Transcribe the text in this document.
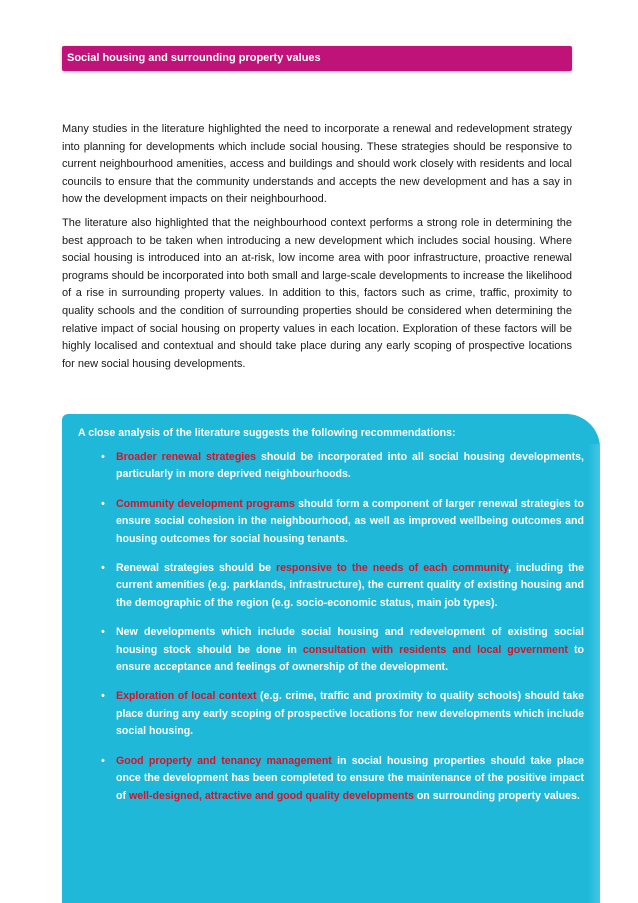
Social housing and surrounding property values

Many studies in the literature highlighted the need to incorporate a renewal and redevelopment strategy into planning for developments which include social housing. These strategies should be responsive to current neighbourhood amenities, access and buildings and should work closely with residents and local councils to ensure that the community understands and accepts the new development and has a say in how the development impacts on their neighbourhood.

The literature also highlighted that the neighbourhood context performs a strong role in determining the best approach to be taken when introducing a new development which includes social housing. Where social housing is introduced into an at-risk, low income area with poor infrastructure, proactive renewal programs should be incorporated into both small and large-scale developments to increase the likelihood of a rise in surrounding property values. In addition to this, factors such as crime, traffic, proximity to quality schools and the condition of surrounding properties should be considered when determining the relative impact of social housing on property values in each location. Exploration of these factors will be highly localised and contextual and should take place during any early scoping of prospective locations for new social housing developments.

A close analysis of the literature suggests the following recommendations:
• Broader renewal strategies should be incorporated into all social housing developments, particularly in more deprived neighbourhoods.
• Community development programs should form a component of larger renewal strategies to ensure social cohesion in the neighbourhood, as well as improved wellbeing outcomes and housing outcomes for social housing tenants.
• Renewal strategies should be responsive to the needs of each community, including the current amenities (e.g. parklands, infrastructure), the current quality of existing housing and the demographic of the region (e.g. socio-economic status, main job types).
• New developments which include social housing and redevelopment of existing social housing stock should be done in consultation with residents and local government to ensure acceptance and feelings of ownership of the development.
• Exploration of local context (e.g. crime, traffic and proximity to quality schools) should take place during any early scoping of prospective locations for new developments which include social housing.
• Good property and tenancy management in social housing properties should take place once the development has been completed to ensure the maintenance of the positive impact of well-designed, attractive and good quality developments on surrounding property values.
